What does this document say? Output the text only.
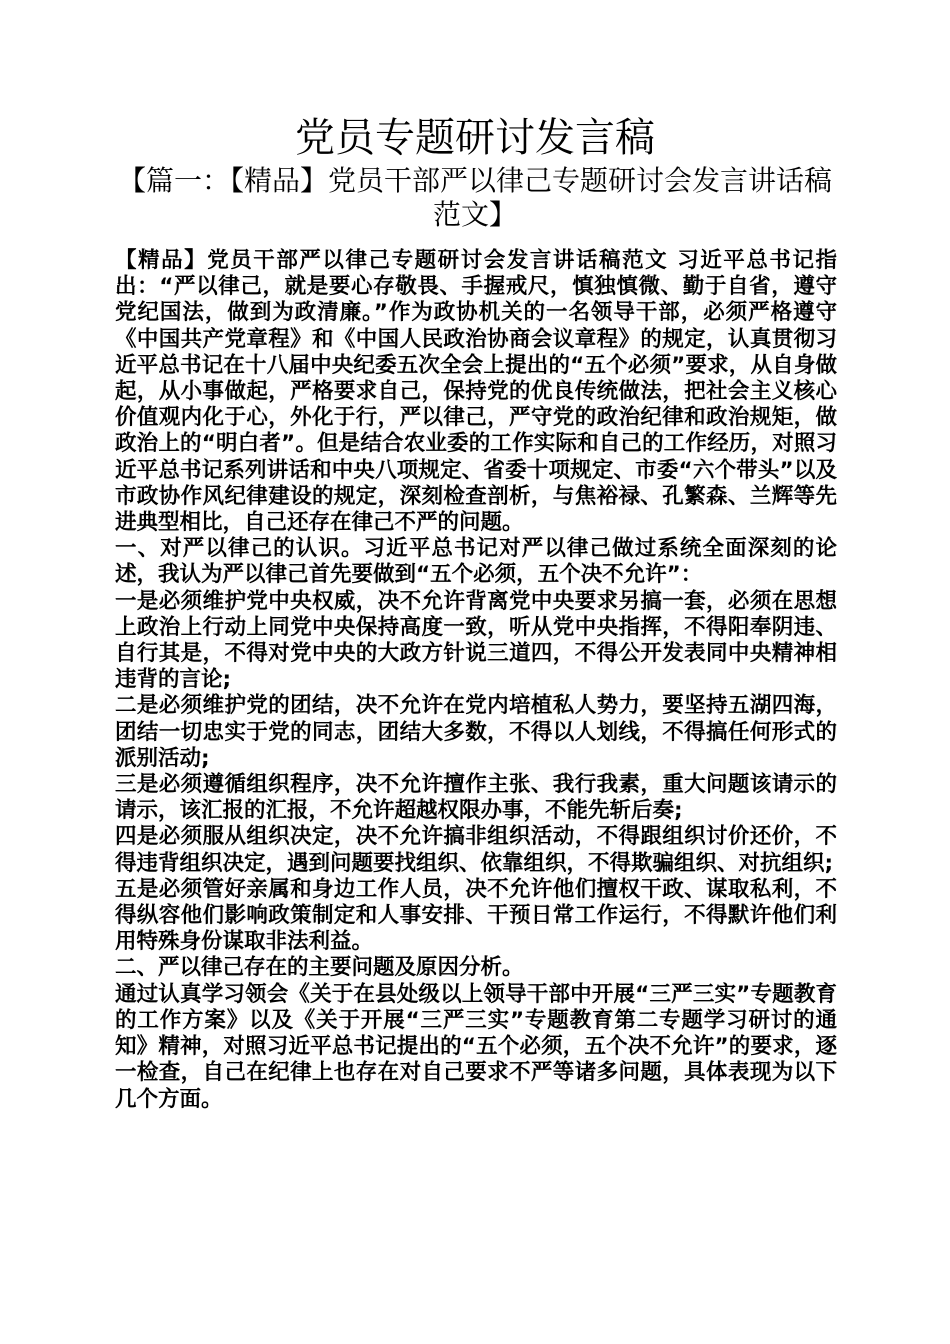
党员专题研讨发言稿
【篇一：【精品】党员干部严以律己专题研讨会发言讲话稿范文】

【精品】党员干部严以律己专题研讨会发言讲话稿范文 习近平总书记指出：“严以律己，就是要心存敬畏、手握戒尺，慎独慎微、勤于自省，遵守党纪国法，做到为政清廉。”作为政协机关的一名领导干部，必须严格遵守《中国共产党章程》和《中国人民政治协商会议章程》的规定，认真贯彻习近平总书记在十八届中央纪委五次全会上提出的“五个必须”要求，从自身做起，从小事做起，严格要求自己，保持党的优良传统做法，把社会主义核心价值观内化于心，外化于行，严以律己，严守党的政治纪律和政治规矩，做政治上的“明白者”。但是结合农业委的工作实际和自己的工作经历，对照习近平总书记系列讲话和中央八项规定、省委十项规定、市委“六个带头”以及市政协作风纪律建设的规定，深刻检查剖析，与焦裕禄、孔繁森、兰辉等先进典型相比，自己还存在律己不严的问题。

一、对严以律己的认识。习近平总书记对严以律己做过系统全面深刻的论述，我认为严以律己首先要做到“五个必须，五个决不允许”：

一是必须维护党中央权威，决不允许背离党中央要求另搞一套，必须在思想上政治上行动上同党中央保持高度一致，听从党中央指挥，不得阳奉阴违、自行其是，不得对党中央的大政方针说三道四，不得公开发表同中央精神相违背的言论;

二是必须维护党的团结，决不允许在党内培植私人势力，要坚持五湖四海，团结一切忠实于党的同志，团结大多数，不得以人划线，不得搞任何形式的派别活动;

三是必须遵循组织程序，决不允许擅作主张、我行我素，重大问题该请示的请示，该汇报的汇报，不允许超越权限办事，不能先斩后奏;

四是必须服从组织决定，决不允许搞非组织活动，不得跟组织讨价还价，不得违背组织决定，遇到问题要找组织、依靠组织，不得欺骗组织、对抗组织;

五是必须管好亲属和身边工作人员，决不允许他们擅权干政、谋取私利，不得纵容他们影响政策制定和人事安排、干预日常工作运行，不得默许他们利用特殊身份谋取非法利益。

二、严以律己存在的主要问题及原因分析。

通过认真学习领会《关于在县处级以上领导干部中开展“三严三实”专题教育的工作方案》以及《关于开展“三严三实”专题教育第二专题学习研讨的通知》精神，对照习近平总书记提出的“五个必须，五个决不允许”的要求，逐一检查，自己在纪律上也存在对自己要求不严等诸多问题，具体表现为以下几个方面。
